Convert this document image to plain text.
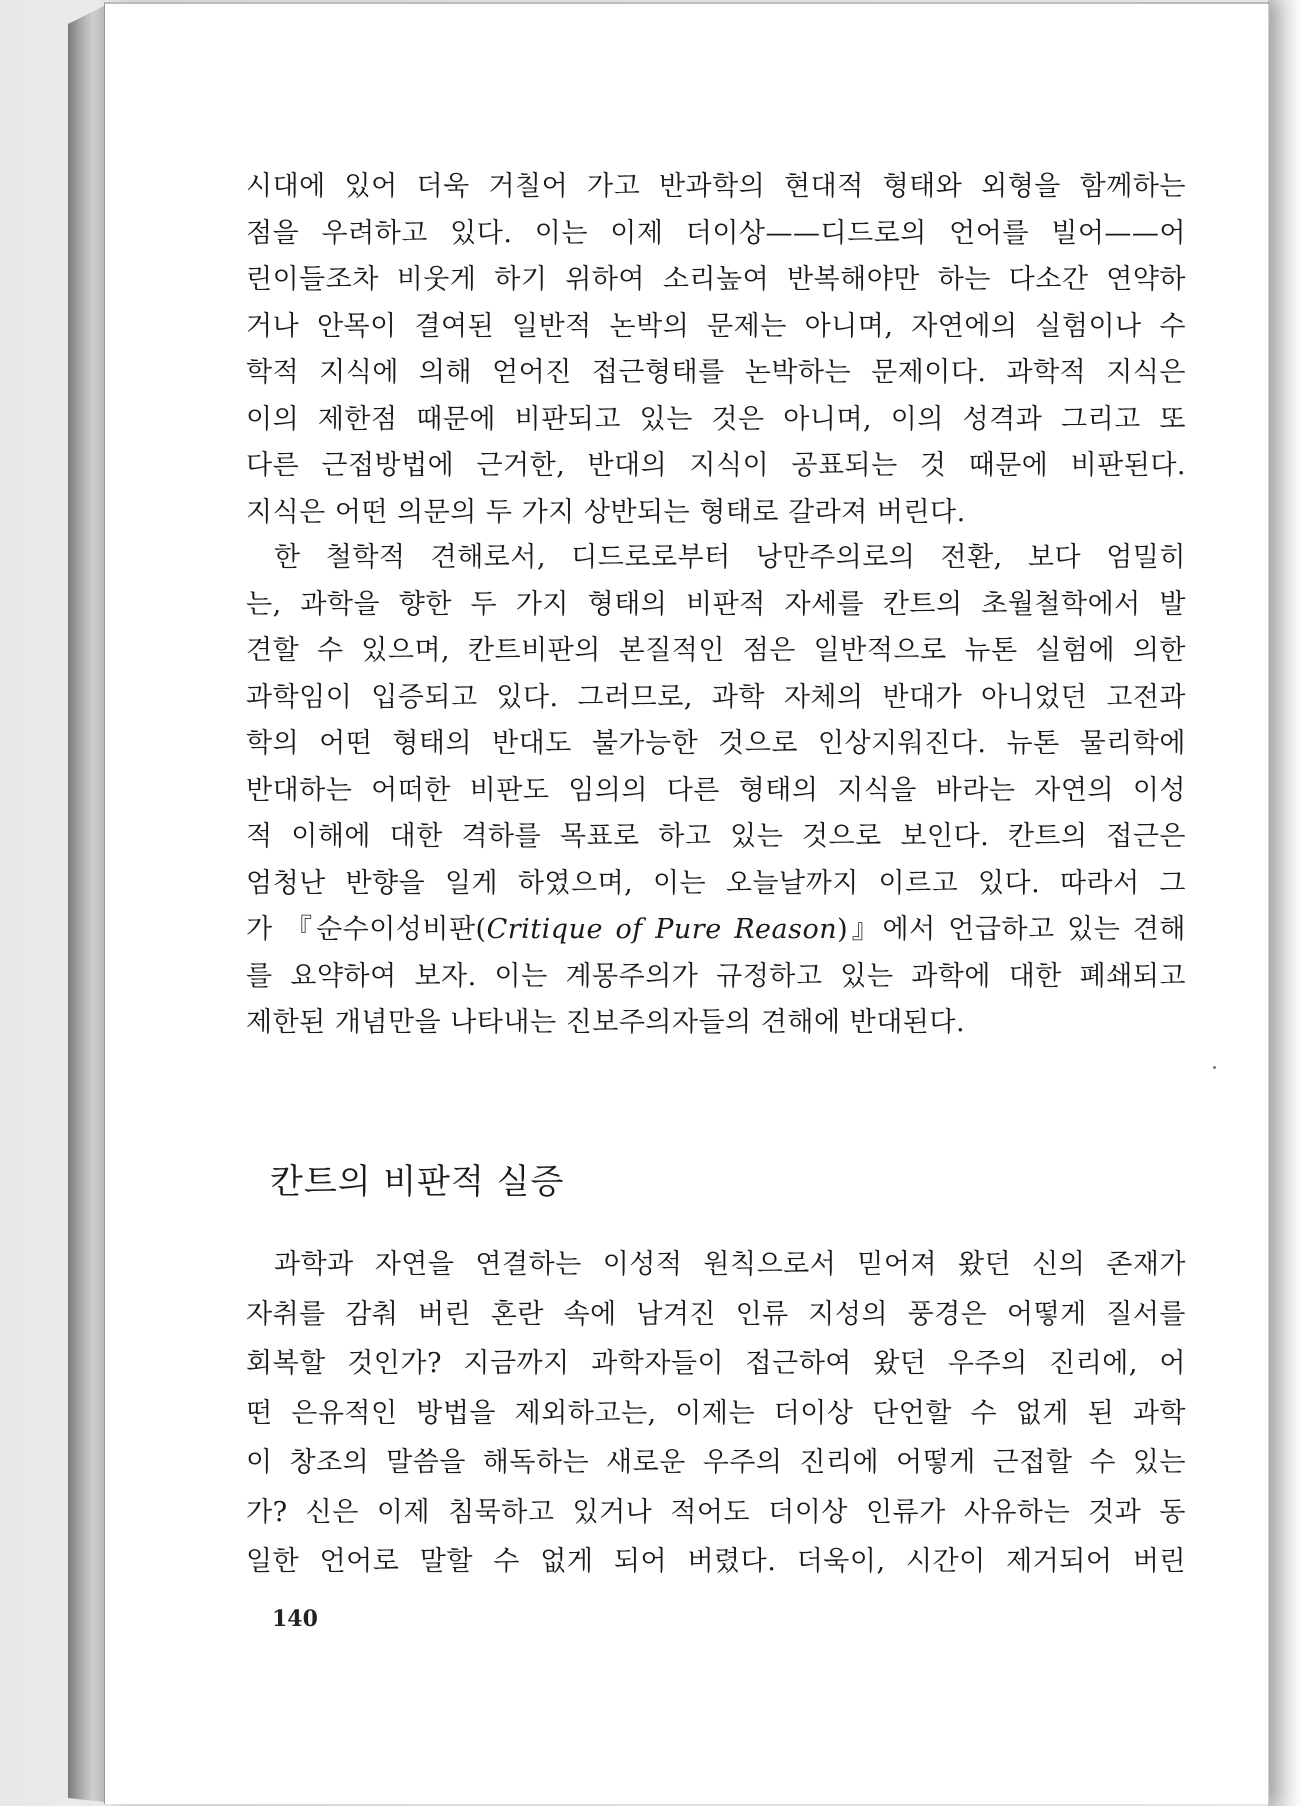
시대에 있어 더욱 거칠어 가고 반과학의 현대적 형태와 외형을 함께하는
점을 우려하고 있다. 이는 이제 더이상——디드로의 언어를 빌어——어
린이들조차 비웃게 하기 위하여 소리높여 반복해야만 하는 다소간 연약하
거나 안목이 결여된 일반적 논박의 문제는 아니며, 자연에의 실험이나 수
학적 지식에 의해 얻어진 접근형태를 논박하는 문제이다. 과학적 지식은
이의 제한점 때문에 비판되고 있는 것은 아니며, 이의 성격과 그리고 또
다른 근접방법에 근거한, 반대의 지식이 공표되는 것 때문에 비판된다.
지식은 어떤 의문의 두 가지 상반되는 형태로 갈라져 버린다.
한 철학적 견해로서, 디드로로부터 낭만주의로의 전환, 보다 엄밀히
는, 과학을 향한 두 가지 형태의 비판적 자세를 칸트의 초월철학에서 발
견할 수 있으며, 칸트비판의 본질적인 점은 일반적으로 뉴톤 실험에 의한
과학임이 입증되고 있다. 그러므로, 과학 자체의 반대가 아니었던 고전과
학의 어떤 형태의 반대도 불가능한 것으로 인상지워진다. 뉴톤 물리학에
반대하는 어떠한 비판도 임의의 다른 형태의 지식을 바라는 자연의 이성
적 이해에 대한 격하를 목표로 하고 있는 것으로 보인다. 칸트의 접근은
엄청난 반향을 일게 하였으며, 이는 오늘날까지 이르고 있다. 따라서 그
가 『순수이성비판(Critique of Pure Reason)』에서 언급하고 있는 견해
를 요약하여 보자. 이는 계몽주의가 규정하고 있는 과학에 대한 폐쇄되고
제한된 개념만을 나타내는 진보주의자들의 견해에 반대된다.
칸트의 비판적 실증
과학과 자연을 연결하는 이성적 원칙으로서 믿어져 왔던 신의 존재가
자취를 감춰 버린 혼란 속에 남겨진 인류 지성의 풍경은 어떻게 질서를
회복할 것인가? 지금까지 과학자들이 접근하여 왔던 우주의 진리에, 어
떤 은유적인 방법을 제외하고는, 이제는 더이상 단언할 수 없게 된 과학
이 창조의 말씀을 해독하는 새로운 우주의 진리에 어떻게 근접할 수 있는
가? 신은 이제 침묵하고 있거나 적어도 더이상 인류가 사유하는 것과 동
일한 언어로 말할 수 없게 되어 버렸다. 더욱이, 시간이 제거되어 버린
140
